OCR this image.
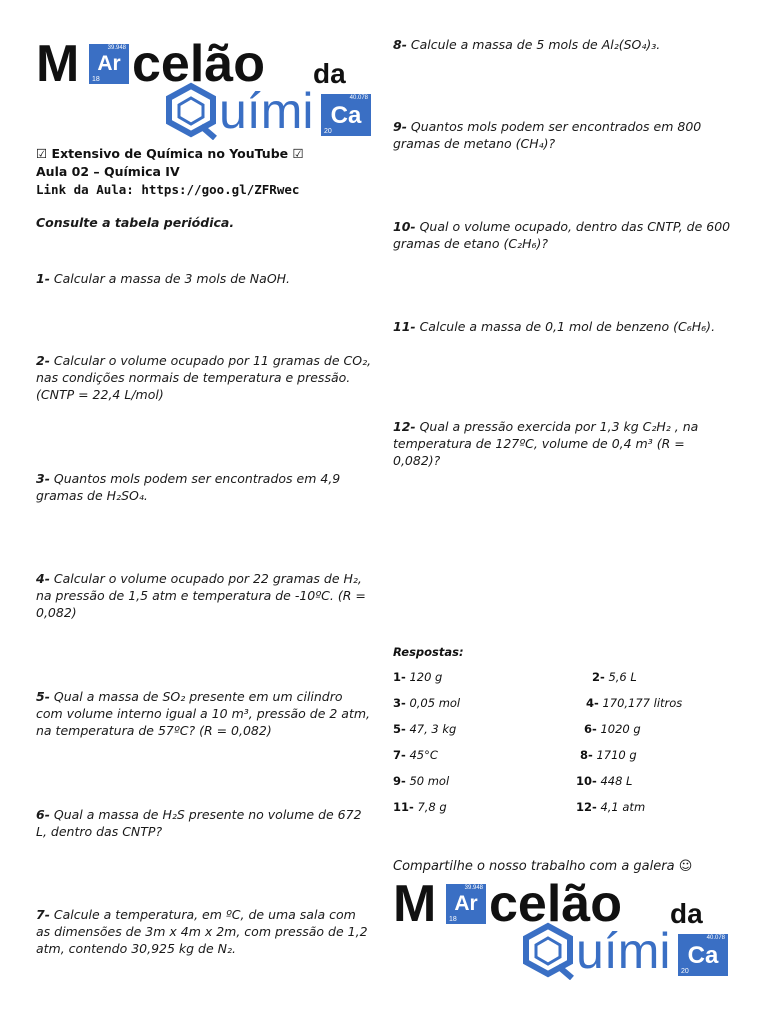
M	39.948
Ar
18 celão da
uími	40.078
Ca
20
☑ Extensivo de Química no YouTube ☑
Aula 02 – Química IV
Link da Aula: https://goo.gl/ZFRwec
Consulte a tabela periódica.
1- Calcular a massa de 3 mols de NaOH.
2- Calcular o volume ocupado por 11 gramas de CO₂, nas condições normais de temperatura e pressão. (CNTP = 22,4 L/mol)
3- Quantos mols podem ser encontrados em 4,9 gramas de H₂SO₄.
4- Calcular o volume ocupado por 22 gramas de H₂, na pressão de 1,5 atm e temperatura de -10ºC. (R = 0,082)
5- Qual a massa de SO₂ presente em um cilindro com volume interno igual a 10 m³, pressão de 2 atm, na temperatura de 57ºC? (R = 0,082)
6- Qual a massa de H₂S presente no volume de 672 L, dentro das CNTP?
7- Calcule a temperatura, em ºC, de uma sala com as dimensões de 3m x 4m x 2m, com pressão de 1,2 atm, contendo 30,925 kg de N₂.
8- Calcule a massa de 5 mols de Al₂(SO₄)₃.
9- Quantos mols podem ser encontrados em 800 gramas de metano (CH₄)?
10- Qual o volume ocupado, dentro das CNTP, de 600 gramas de etano (C₂H₆)?
11- Calcule a massa de 0,1 mol de benzeno (C₆H₆).
12- Qual a pressão exercida por 1,3 kg C₂H₂ , na temperatura de 127ºC, volume de 0,4 m³ (R = 0,082)?
Respostas:
1- 120 g	2- 5,6 L
3- 0,05 mol	4- 170,177 litros
5- 47, 3 kg	6- 1020 g
7- 45°C	8- 1710 g
9- 50 mol	10- 448 L
11- 7,8 g	12- 4,1 atm
Compartilhe o nosso trabalho com a galera ☺
M	39.948
Ar
18 celão da
uími	40.078
Ca
20
